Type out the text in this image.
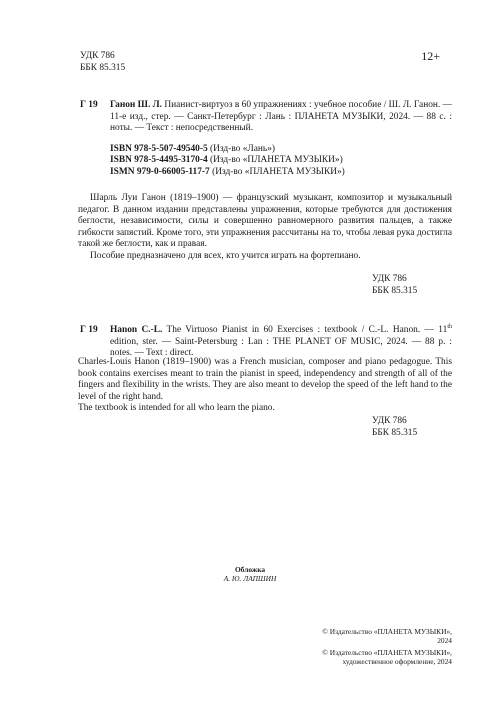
УДК 786	12+
ББК 85.315
Г 19 Ганон Ш. Л. Пианист-виртуоз в 60 упражнениях : учебное пособие / Ш. Л. Ганон. — 11-е изд., стер. — Санкт-Петербург : Лань : ПЛАНЕТА МУЗЫКИ, 2024. — 88 с. : ноты. — Текст : непосредственный.
ISBN 978-5-507-49540-5 (Изд-во «Лань»)
ISBN 978-5-4495-3170-4 (Изд-во «ПЛАНЕТА МУЗЫКИ»)
ISMN 979-0-66005-117-7 (Изд-во «ПЛАНЕТА МУЗЫКИ»)

Шарль Луи Ганон (1819–1900) — французский музыкант, композитор и музыкальный педагог. В данном издании представлены упражнения, которые требуются для достижения беглости, независимости, силы и совершенно равномерного развития пальцев, а также гибкости запястий. Кроме того, эти упражнения рассчитаны на то, чтобы левая рука достигла такой же беглости, как и правая.

Пособие предназначено для всех, кто учится играть на фортепиано.

УДК 786
ББК 85.315
Г 19 Hanon C.-L. The Virtuoso Pianist in 60 Exercises : textbook / C.-L. Hanon. — 11th edition, ster. — Saint-Petersburg : Lan : THE PLANET OF MUSIC, 2024. — 88 p. : notes. — Text : direct.

Charles-Louis Hanon (1819–1900) was a French musician, composer and piano pedagogue. This book contains exercises meant to train the pianist in speed, independency and strength of all of the fingers and flexibility in the wrists. They are also meant to develop the speed of the left hand to the level of the right hand.

The textbook is intended for all who learn the piano.

УДК 786
ББК 85.315
Обложка
А. Ю. ЛАПШИН

© Издательство «ПЛАНЕТА МУЗЫКИ»,

2024

© Издательство «ПЛАНЕТА МУЗЫКИ»,

художественное оформление, 2024
